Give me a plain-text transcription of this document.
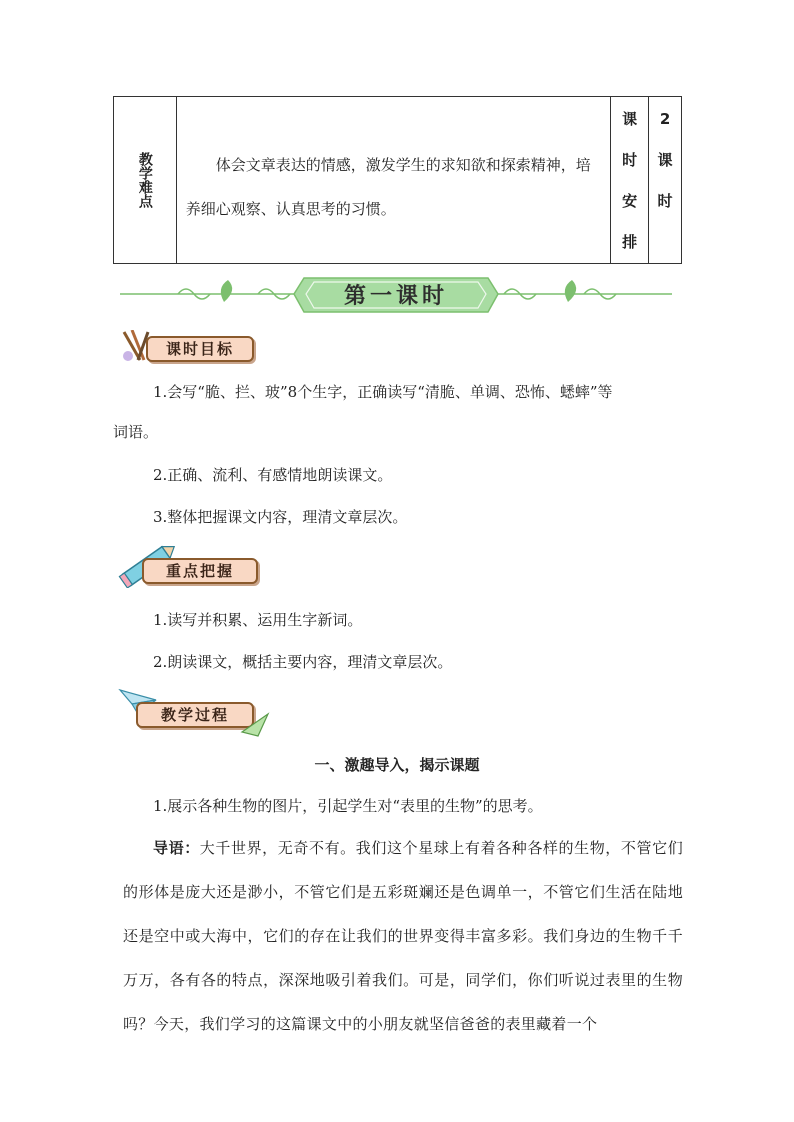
教学难点	体会文章表达的情感，激发学生的求知欲和探索精神，培养细心观察、认真思考的习惯。
课
时
安
排
2
课
时
第一课时
课时目标

1.会写“脆、拦、玻”8个生字，正确读写“清脆、单调、恐怖、蟋蟀”等

词语。

2.正确、流利、有感情地朗读课文。

3.整体把握课文内容，理清文章层次。

重点把握

1.读写并积累、运用生字新词。

2.朗读课文，概括主要内容，理清文章层次。

教学过程
一、激趣导入，揭示课题

1.展示各种生物的图片，引起学生对“表里的生物”的思考。

导语：大千世界，无奇不有。我们这个星球上有着各种各样的生物，不管它们的形体是庞大还是渺小，不管它们是五彩斑斓还是色调单一，不管它们生活在陆地还是空中或大海中，它们的存在让我们的世界变得丰富多彩。我们身边的生物千千万万，各有各的特点，深深地吸引着我们。可是，同学们，你们听说过表里的生物吗？今天，我们学习的这篇课文中的小朋友就坚信爸爸的表里藏着一个
